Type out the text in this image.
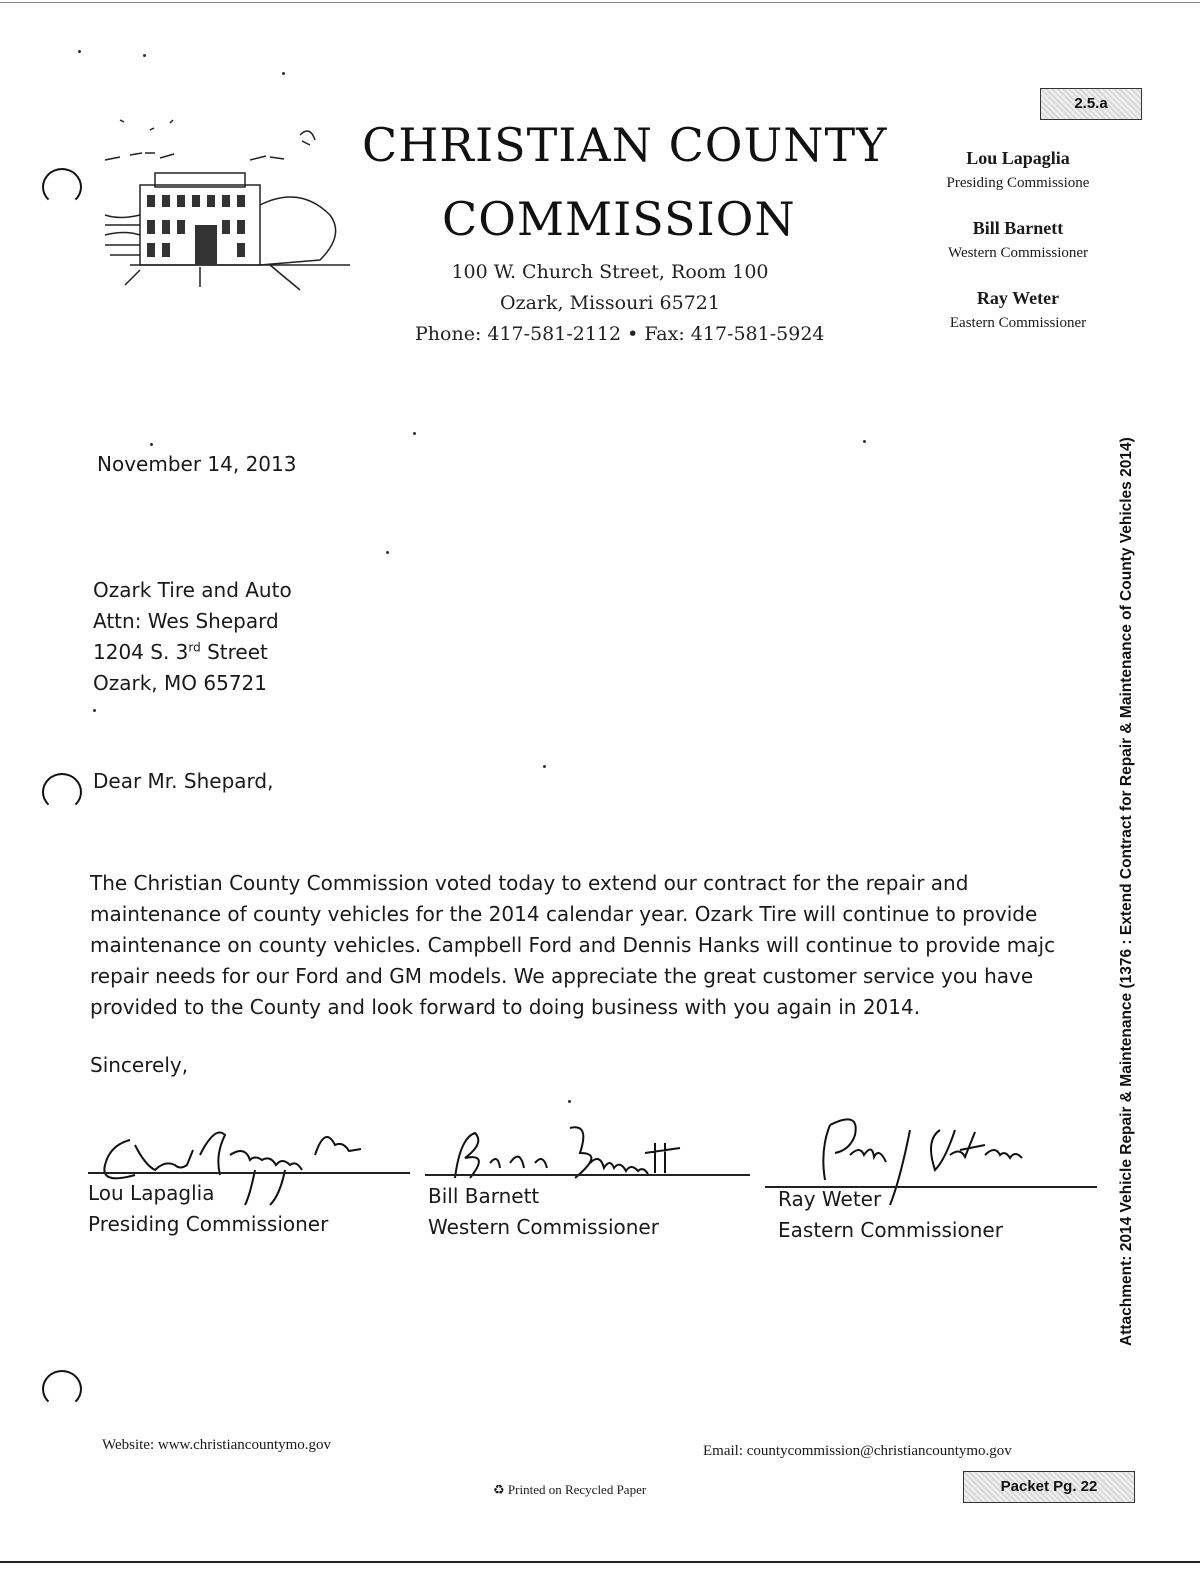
2.5.a
CHRISTIAN COUNTY
COMMISSION
100 W. Church Street, Room 100
Ozark, Missouri 65721
Phone: 417-581-2112 • Fax: 417-581-5924
Lou Lapaglia
Presiding Commissione
Bill Barnett
Western Commissioner
Ray Weter
Eastern Commissioner
November 14, 2013
Ozark Tire and Auto
Attn: Wes Shepard
1204 S. 3rd Street
Ozark, MO 65721
Dear Mr. Shepard,
The Christian County Commission voted today to extend our contract for the repair and
maintenance of county vehicles for the 2014 calendar year. Ozark Tire will continue to provide
maintenance on county vehicles. Campbell Ford and Dennis Hanks will continue to provide majc
repair needs for our Ford and GM models. We appreciate the great customer service you have
provided to the County and look forward to doing business with you again in 2014.
Sincerely,
Lou Lapaglia
Presiding Commissioner
Bill Barnett
Western Commissioner
Ray Weter
Eastern Commissioner	Attachment: 2014 Vehicle Repair & Maintenance (1376 : Extend Contract for Repair & Maintenance of County Vehicles 2014)
Website: www.christiancountymo.gov	Email: countycommission@christiancountymo.gov
♻ Printed on Recycled Paper	Packet Pg. 22
